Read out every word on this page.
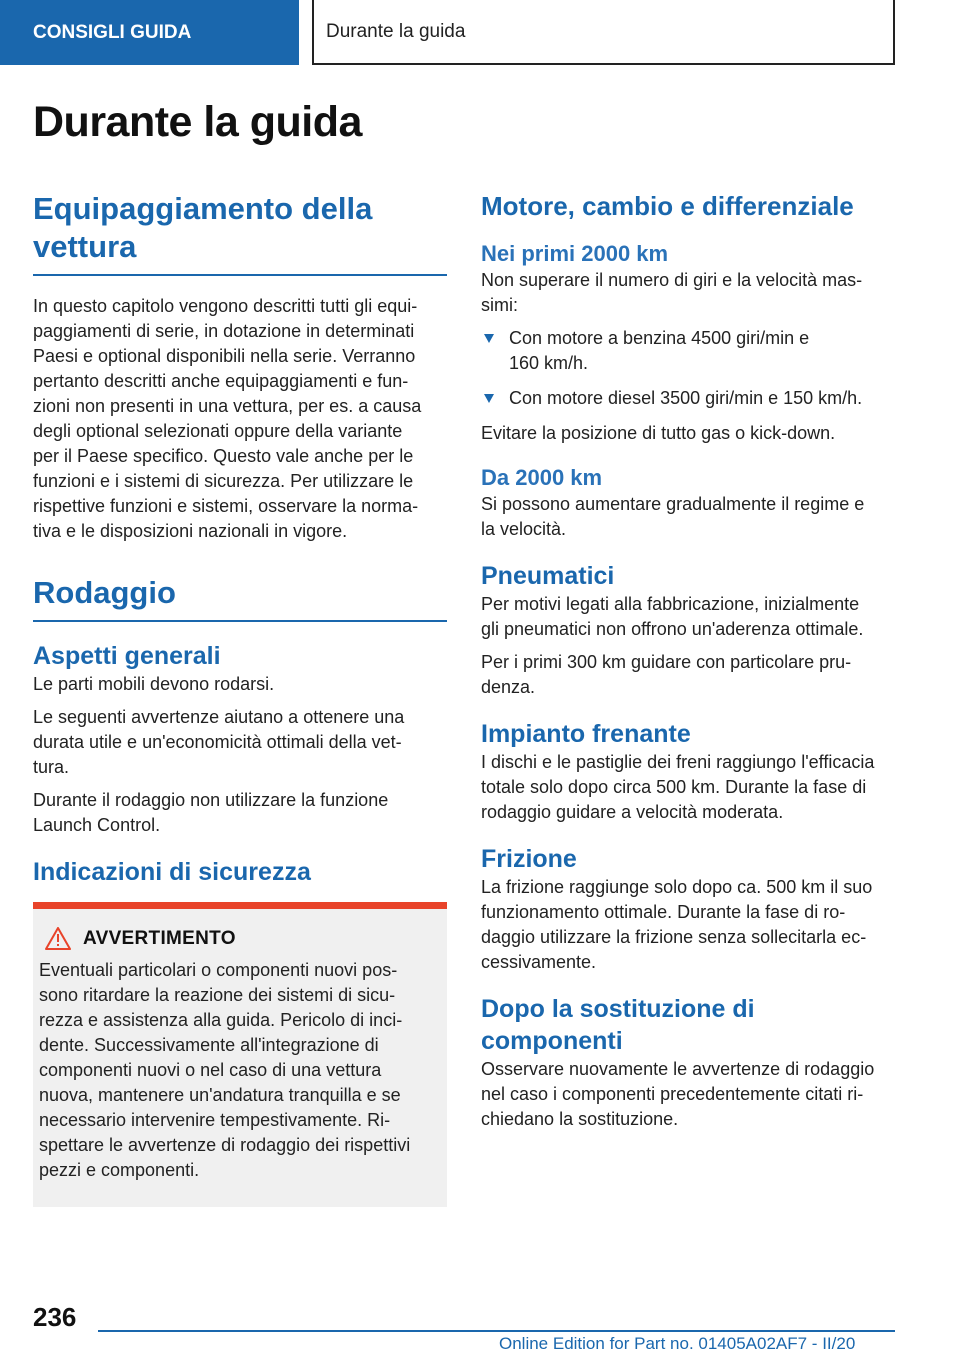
CONSIGLI GUIDA	Durante la guida
Durante la guida
Equipaggiamento della vettura

In questo capitolo vengono descritti tutti gli equi-
paggiamenti di serie, in dotazione in determinati
Paesi e optional disponibili nella serie. Verranno
pertanto descritti anche equipaggiamenti e fun-
zioni non presenti in una vettura, per es. a causa
degli optional selezionati oppure della variante
per il Paese specifico. Questo vale anche per le
funzioni e i sistemi di sicurezza. Per utilizzare le
rispettive funzioni e sistemi, osservare la norma-
tiva e le disposizioni nazionali in vigore.

Rodaggio
Aspetti generali

Le parti mobili devono rodarsi.

Le seguenti avvertenze aiutano a ottenere una
durata utile e un'economicità ottimali della vet-
tura.

Durante il rodaggio non utilizzare la funzione
Launch Control.

Indicazioni di sicurezza
AVVERTIMENTO

Eventuali particolari o componenti nuovi pos-
sono ritardare la reazione dei sistemi di sicu-
rezza e assistenza alla guida. Pericolo di inci-
dente. Successivamente all'integrazione di
componenti nuovi o nel caso di una vettura
nuova, mantenere un'andatura tranquilla e se
necessario intervenire tempestivamente. Ri-
spettare le avvertenze di rodaggio dei rispettivi
pezzi e componenti.

Motore, cambio e differenziale
Nei primi 2000 km

Non superare il numero di giri e la velocità mas-
simi:

Con motore a benzina 4500 giri/min e
160 km/h.
Con motore diesel 3500 giri/min e 150 km/h.

Evitare la posizione di tutto gas o kick-down.

Da 2000 km

Si possono aumentare gradualmente il regime e
la velocità.

Pneumatici

Per motivi legati alla fabbricazione, inizialmente
gli pneumatici non offrono un'aderenza ottimale.

Per i primi 300 km guidare con particolare pru-
denza.

Impianto frenante

I dischi e le pastiglie dei freni raggiungo l'efficacia
totale solo dopo circa 500 km. Durante la fase di
rodaggio guidare a velocità moderata.

Frizione

La frizione raggiunge solo dopo ca. 500 km il suo
funzionamento ottimale. Durante la fase di ro-
daggio utilizzare la frizione senza sollecitarla ec-
cessivamente.

Dopo la sostituzione di componenti

Osservare nuovamente le avvertenze di rodaggio
nel caso i componenti precedentemente citati ri-
chiedano la sostituzione.

236
Online Edition for Part no. 01405A02AF7 - II/20
